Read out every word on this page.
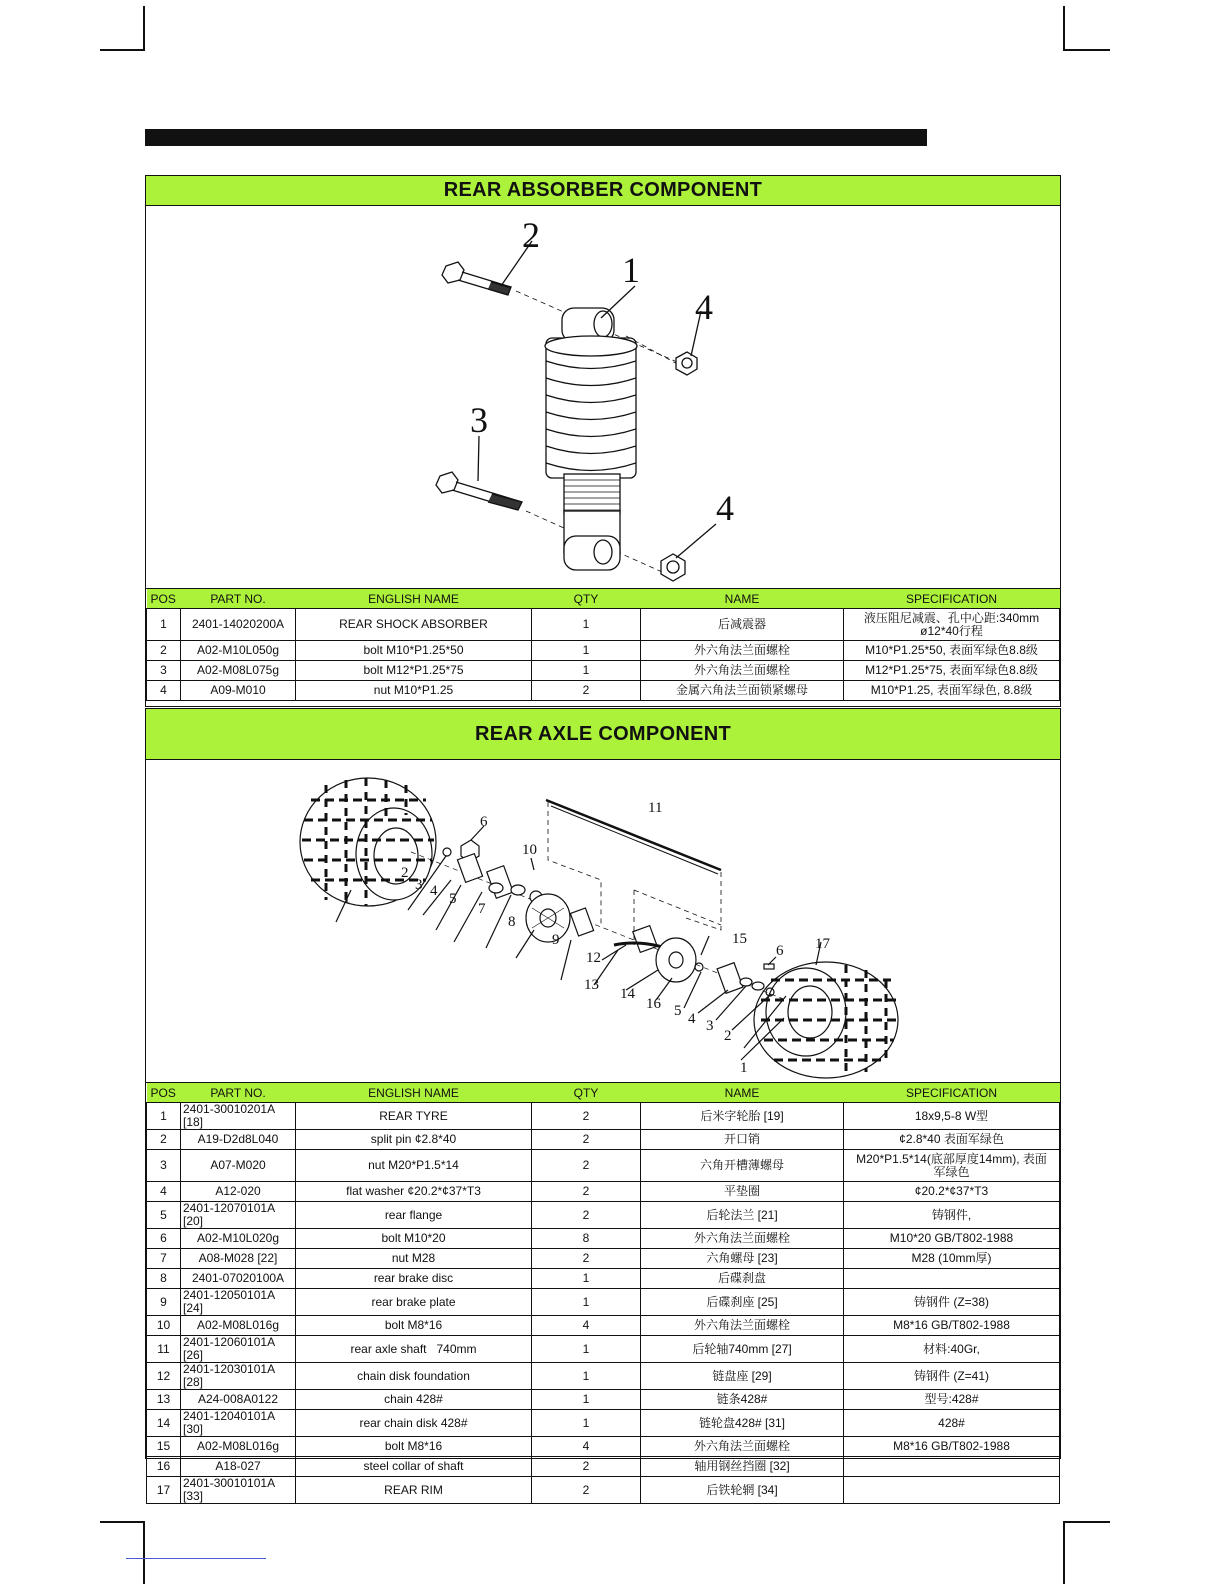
REAR ABSORBER COMPONENT
2
1
4
3
4
POS	PART NO.	ENGLISH NAME	QTY	NAME	SPECIFICATION
1	2401-14020200A	REAR SHOCK ABSORBER	1	后减震器	液压阻尼减震、孔中心距:340mm
ø12*40行程

2	A02-M10L050g	bolt M10*P1.25*50	1	外六角法兰面螺栓	M10*P1.25*50, 表面军绿色8.8级
3	A02-M08L075g	bolt M12*P1.25*75	1	外六角法兰面螺栓	M12*P1.25*75, 表面军绿色8.8级
4	A09-M010	nut M10*P1.25	2	金属六角法兰面锁紧螺母	M10*P1.25, 表面军绿色, 8.8级
REAR AXLE COMPONENT
1
2
3 4 5
6
7
8
9
10
11
12
13
14
16 5 4 3
2
1
15
6 17
POS	PART NO.	ENGLISH NAME	QTY	NAME	SPECIFICATION
1	2401-30010201A [18]	REAR TYRE	2	后米字轮胎 [19]	18x9,5-8 W型
2	A19-D2d8L040	split pin ¢2.8*40	2	开口销	¢2.8*40 表面军绿色
3	A07-M020	nut M20*P1.5*14	2	六角开槽薄螺母	M20*P1.5*14(底部厚度14mm), 表面
军绿色

4	A12-020	flat washer ¢20.2*¢37*T3	2	平垫圈	¢20.2*¢37*T3
5	2401-12070101A [20]	rear flange	2	后轮法兰 [21]	铸钢件,
6	A02-M10L020g	bolt M10*20	8	外六角法兰面螺栓	M10*20 GB/T802-1988
7	A08-M028 [22]	nut M28	2	六角螺母 [23]	M28 (10mm厚)
8	2401-07020100A	rear brake disc	1	后碟刹盘	
9	2401-12050101A [24]	rear brake plate	1	后碟刹座 [25]	铸钢件 (Z=38)
10	A02-M08L016g	bolt M8*16	4	外六角法兰面螺栓	M8*16 GB/T802-1988
11	2401-12060101A [26]	rear axle shaft   740mm	1	后轮轴740mm [27]	材料:40Gr,
12	2401-12030101A [28]	chain disk foundation	1	链盘座 [29]	铸钢件 (Z=41)
13	A24-008A0122	chain 428#	1	链条428#	型号:428#
14	2401-12040101A [30]	rear chain disk 428#	1	链轮盘428# [31]	428#
15	A02-M08L016g	bolt M8*16	4	外六角法兰面螺栓	M8*16 GB/T802-1988
16	A18-027	steel collar of shaft	2	轴用钢丝挡圈 [32]	
17	2401-30010101A [33]	REAR RIM	2	后铁轮辋 [34]	
